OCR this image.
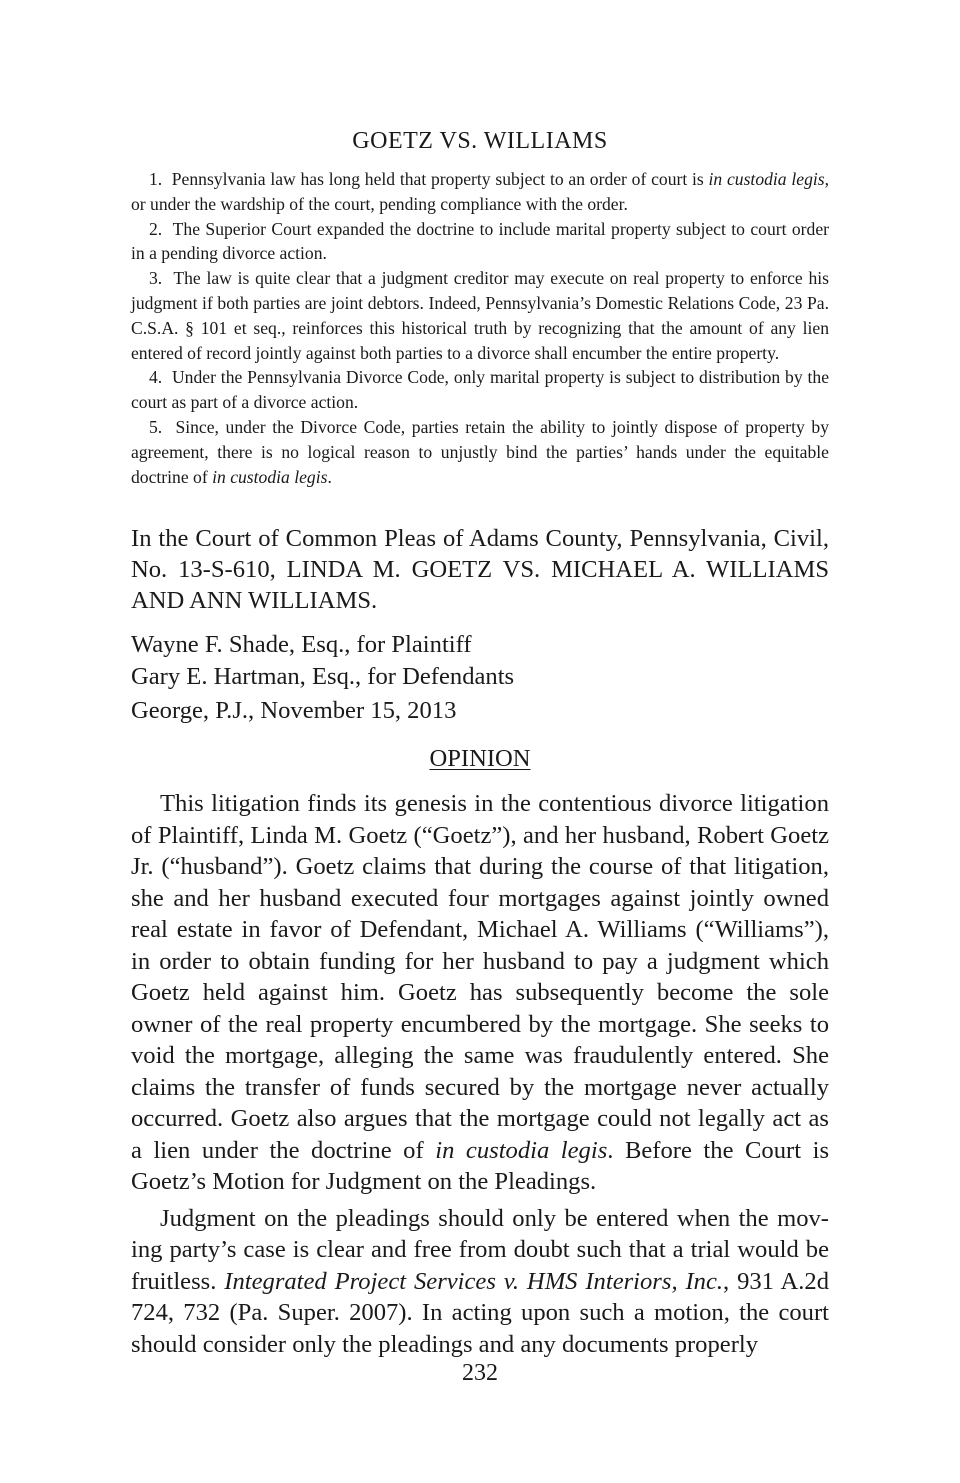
GOETZ VS. WILLIAMS

1. Pennsylvania law has long held that property subject to an order of court is in custodia legis, or under the wardship of the court, pending compliance with the order.

2. The Superior Court expanded the doctrine to include marital property subject to court order in a pending divorce action.

3. The law is quite clear that a judgment creditor may execute on real property to enforce his judgment if both parties are joint debtors. Indeed, Pennsylvania’s Domestic Relations Code, 23 Pa. C.S.A. § 101 et seq., reinforces this historical truth by recognizing that the amount of any lien entered of record jointly against both parties to a divorce shall encumber the entire property.

4. Under the Pennsylvania Divorce Code, only marital property is subject to distribution by the court as part of a divorce action.

5. Since, under the Divorce Code, parties retain the ability to jointly dispose of property by agreement, there is no logical reason to unjustly bind the parties’ hands under the equitable doctrine of in custodia legis.

In the Court of Common Pleas of Adams County, Pennsylvania, Civil, No. 13-S-610, LINDA M. GOETZ VS. MICHAEL A. WILLIAMS AND ANN WILLIAMS.

Wayne F. Shade, Esq., for Plaintiff

Gary E. Hartman, Esq., for Defendants

George, P.J., November 15, 2013

OPINION

This litigation finds its genesis in the contentious divorce litigation of Plaintiff, Linda M. Goetz (“Goetz”), and her husband, Robert Goetz Jr. (“husband”). Goetz claims that during the course of that litigation, she and her husband executed four mortgages against jointly owned real estate in favor of Defendant, Michael A. Williams (“Williams”), in order to obtain funding for her husband to pay a judgment which Goetz held against him. Goetz has subsequently become the sole owner of the real property encumbered by the mortgage. She seeks to void the mortgage, alleging the same was fraudulently entered. She claims the transfer of funds secured by the mortgage never actually occurred. Goetz also argues that the mortgage could not legally act as a lien under the doctrine of in custodia legis. Before the Court is Goetz’s Motion for Judgment on the Pleadings.

Judgment on the pleadings should only be entered when the moving party’s case is clear and free from doubt such that a trial would be fruitless. Integrated Project Services v. HMS Interiors, Inc., 931 A.2d 724, 732 (Pa. Super. 2007). In acting upon such a motion, the court should consider only the pleadings and any documents properly

232
